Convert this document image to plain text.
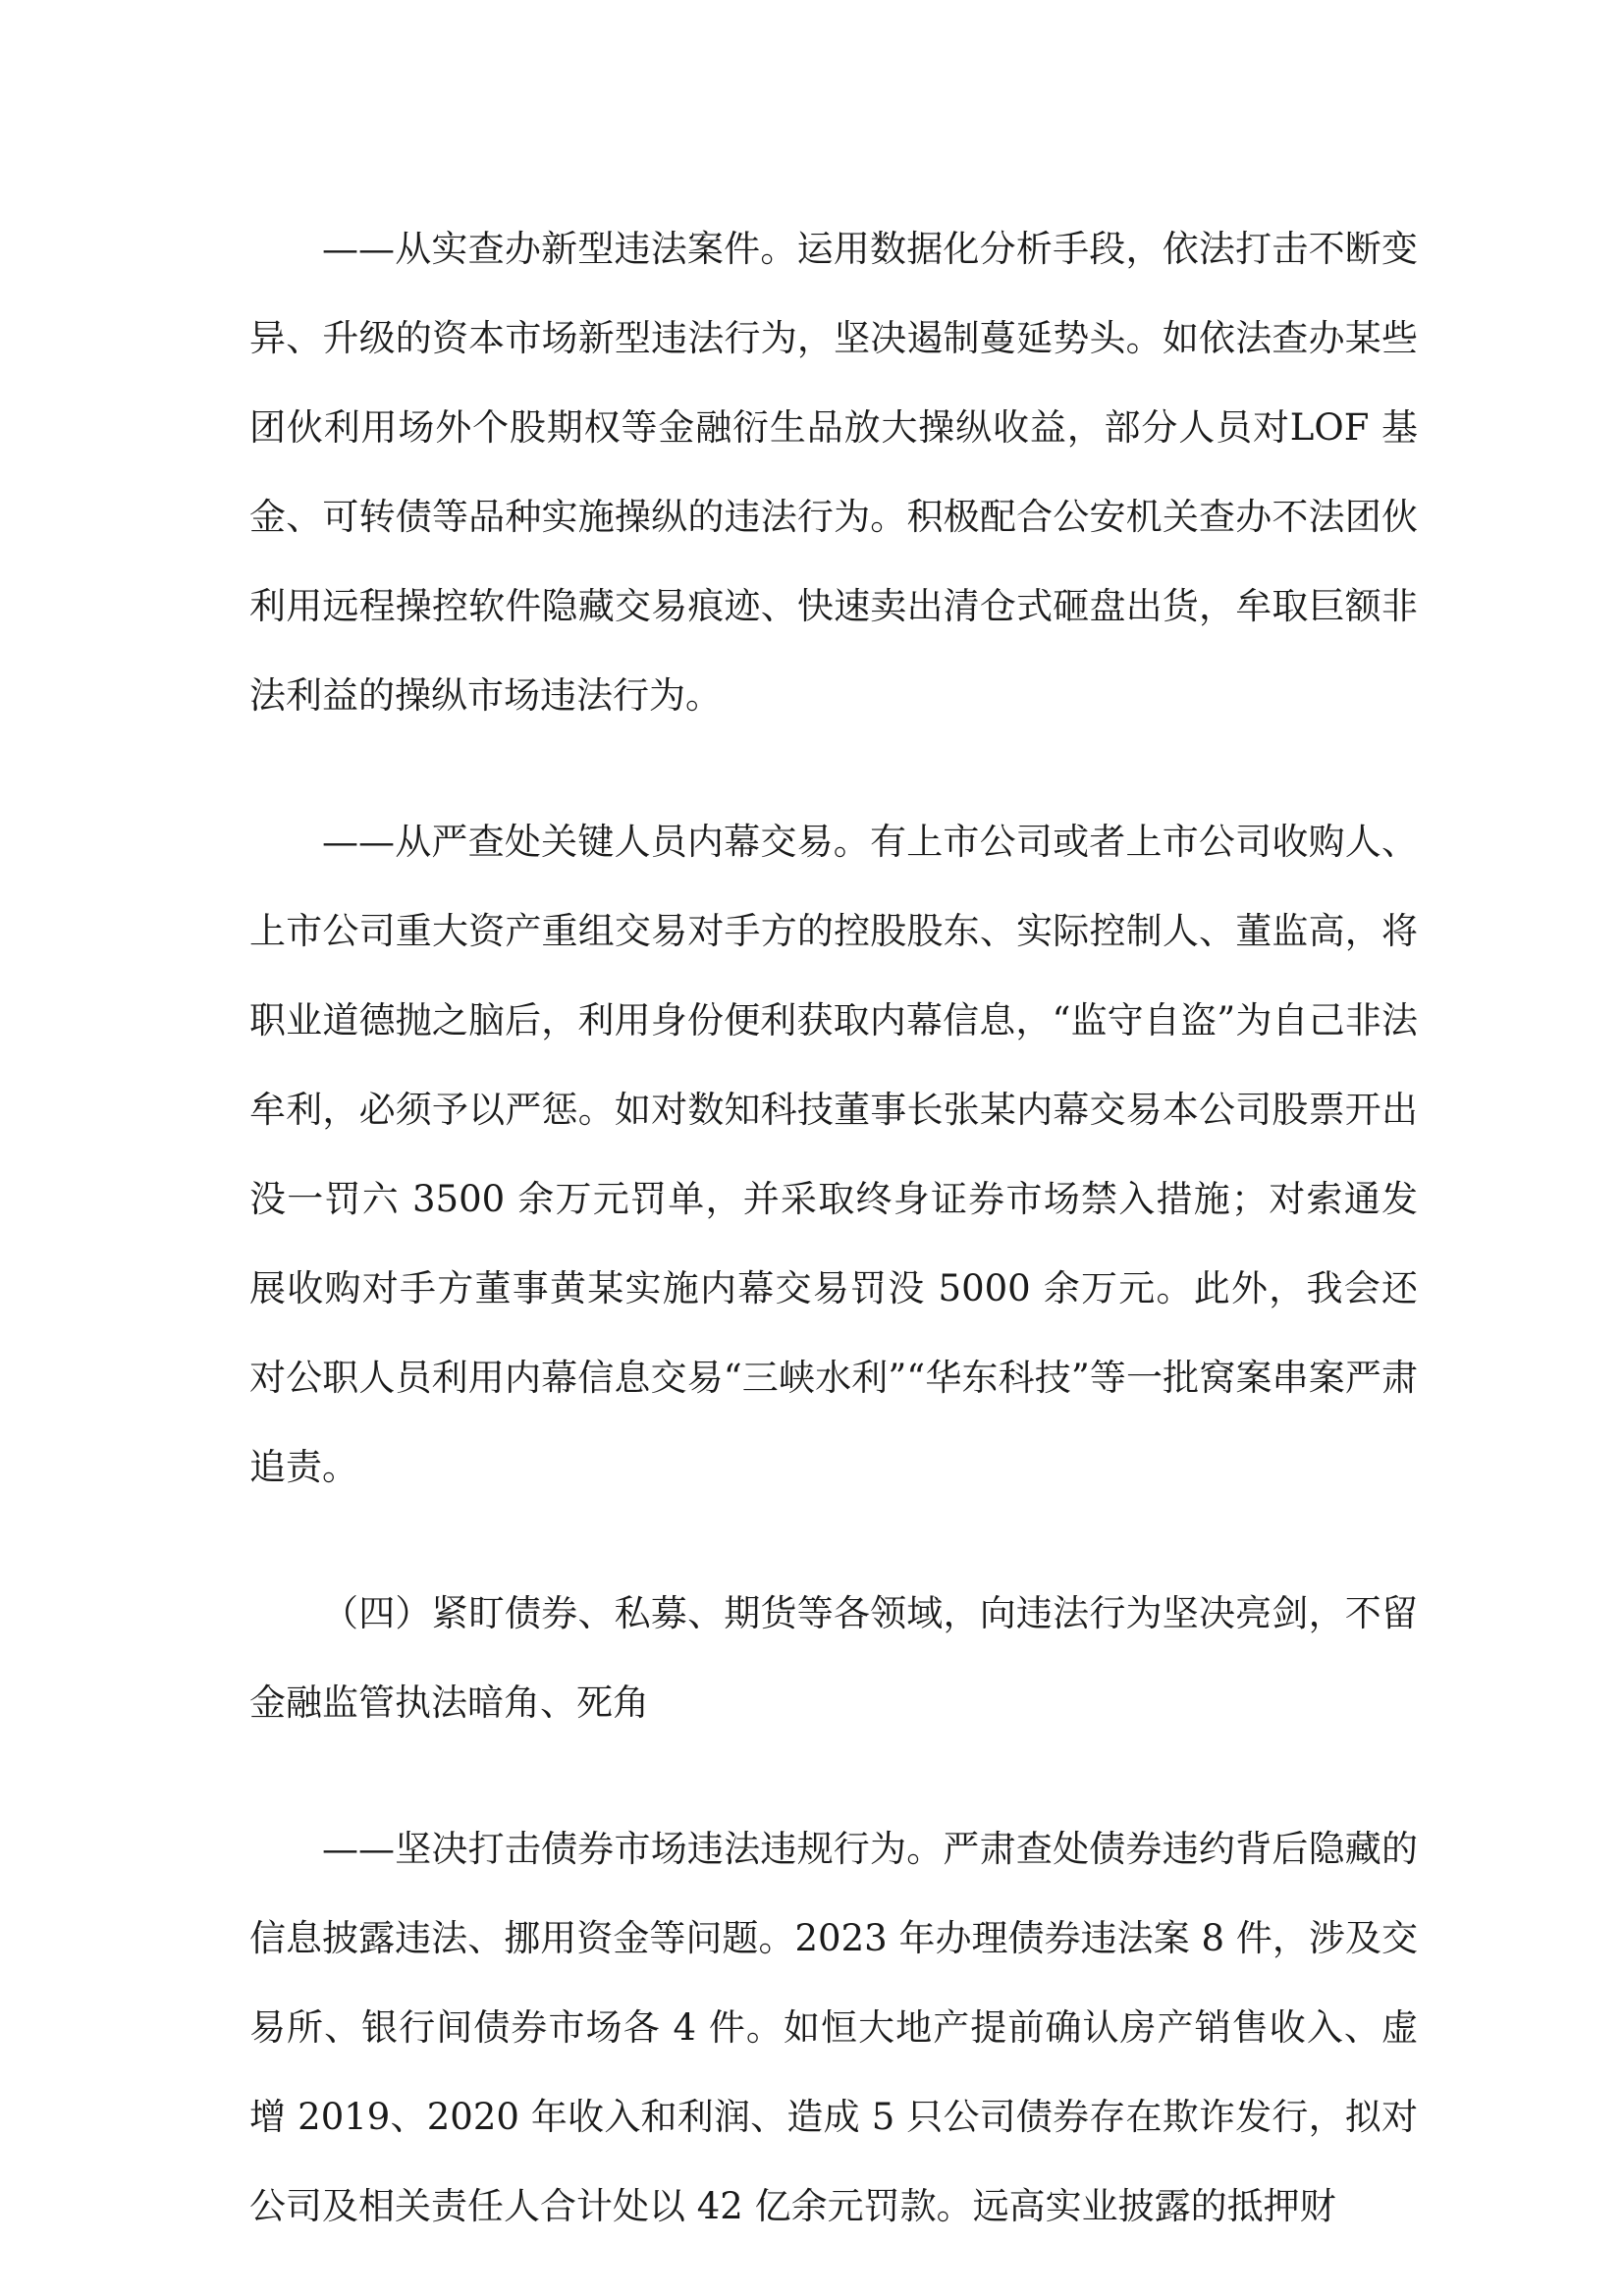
——从实查办新型违法案件。运用数据化分析手段，依法打击不断变异、升级的资本市场新型违法行为，坚决遏制蔓延势头。如依法查办某些团伙利用场外个股期权等金融衍生品放大操纵收益，部分人员对LOF 基金、可转债等品种实施操纵的违法行为。积极配合公安机关查办不法团伙利用远程操控软件隐藏交易痕迹、快速卖出清仓式砸盘出货，牟取巨额非法利益的操纵市场违法行为。

——从严查处关键人员内幕交易。有上市公司或者上市公司收购人、上市公司重大资产重组交易对手方的控股股东、实际控制人、董监高，将职业道德抛之脑后，利用身份便利获取内幕信息，“监守自盗”为自己非法牟利，必须予以严惩。如对数知科技董事长张某内幕交易本公司股票开出没一罚六 3500 余万元罚单，并采取终身证券市场禁入措施；对索通发展收购对手方董事黄某实施内幕交易罚没 5000 余万元。此外，我会还对公职人员利用内幕信息交易“三峡水利”“华东科技”等一批窝案串案严肃追责。

（四）紧盯债券、私募、期货等各领域，向违法行为坚决亮剑，不留金融监管执法暗角、死角

——坚决打击债券市场违法违规行为。严肃查处债券违约背后隐藏的信息披露违法、挪用资金等问题。2023 年办理债券违法案 8 件，涉及交易所、银行间债券市场各 4 件。如恒大地产提前确认房产销售收入、虚增 2019、2020 年收入和利润、造成 5 只公司债券存在欺诈发行，拟对公司及相关责任人合计处以 42 亿余元罚款。远高实业披露的抵押财
